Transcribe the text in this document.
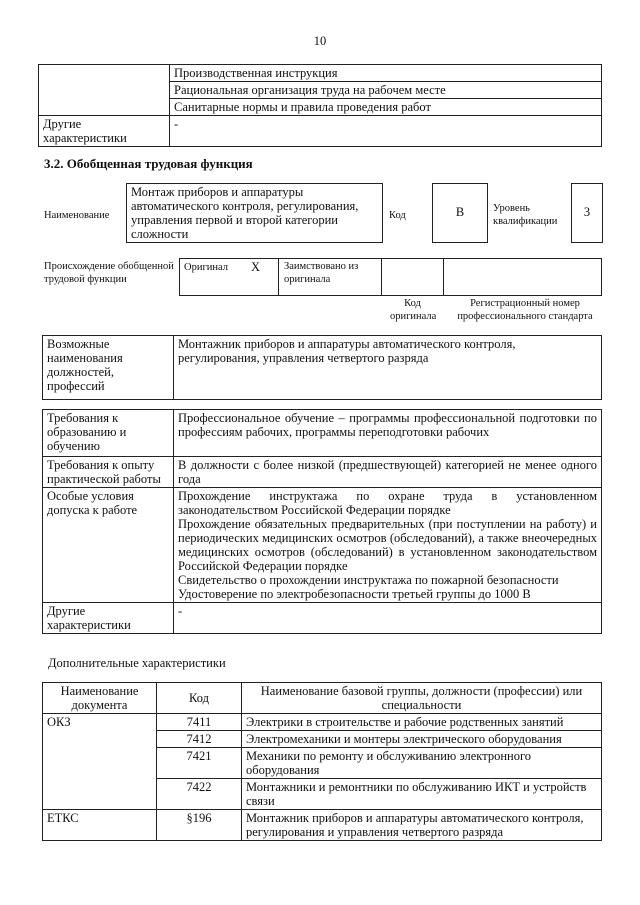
10
	Производственная инструкция
	Рациональная организация труда на рабочем месте
	Санитарные нормы и правила проведения работ
Другие характеристики	-
3.2. Обобщенная трудовая функция
Наименование
Монтаж приборов и аппаратуры автоматического контроля, регулирования, управления первой и второй категории сложности
Код	B	Уровень квалификации
3
Происхождение обобщенной трудовой функции
Оригинал X Заимствовано из оригинала
Код оригинала
Регистрационный номер профессионального стандарта
Возможные наименования должностей, профессий	Монтажник приборов и аппаратуры автоматического контроля, регулирования, управления четвертого разряда
Требования к образованию и обучению	Профессиональное обучение – программы профессиональной подготовки по профессиям рабочих, программы переподготовки рабочих
Требования к опыту практической работы	В должности с более низкой (предшествующей) категорией не менее одного года
Особые условия допуска к работе	Прохождение инструктажа по охране труда в установленном законодательством Российской Федерации порядке
Прохождение обязательных предварительных (при поступлении на работу) и периодических медицинских осмотров (обследований), а также внеочередных медицинских осмотров (обследований) в установленном законодательством Российской Федерации порядке
Свидетельство о прохождении инструктажа по пожарной безопасности
Удостоверение по электробезопасности третьей группы до 1000 В

Другие характеристики	-
Дополнительные характеристики
Наименование документа	Код	Наименование базовой группы, должности (профессии) или специальности
ОКЗ	7411	Электрики в строительстве и рабочие родственных занятий
	7412	Электромеханики и монтеры электрического оборудования
	7421	Механики по ремонту и обслуживанию электронного оборудования
	7422	Монтажники и ремонтники по обслуживанию ИКТ и устройств связи
ЕТКС	§196	Монтажник приборов и аппаратуры автоматического контроля, регулирования и управления четвертого разряда
